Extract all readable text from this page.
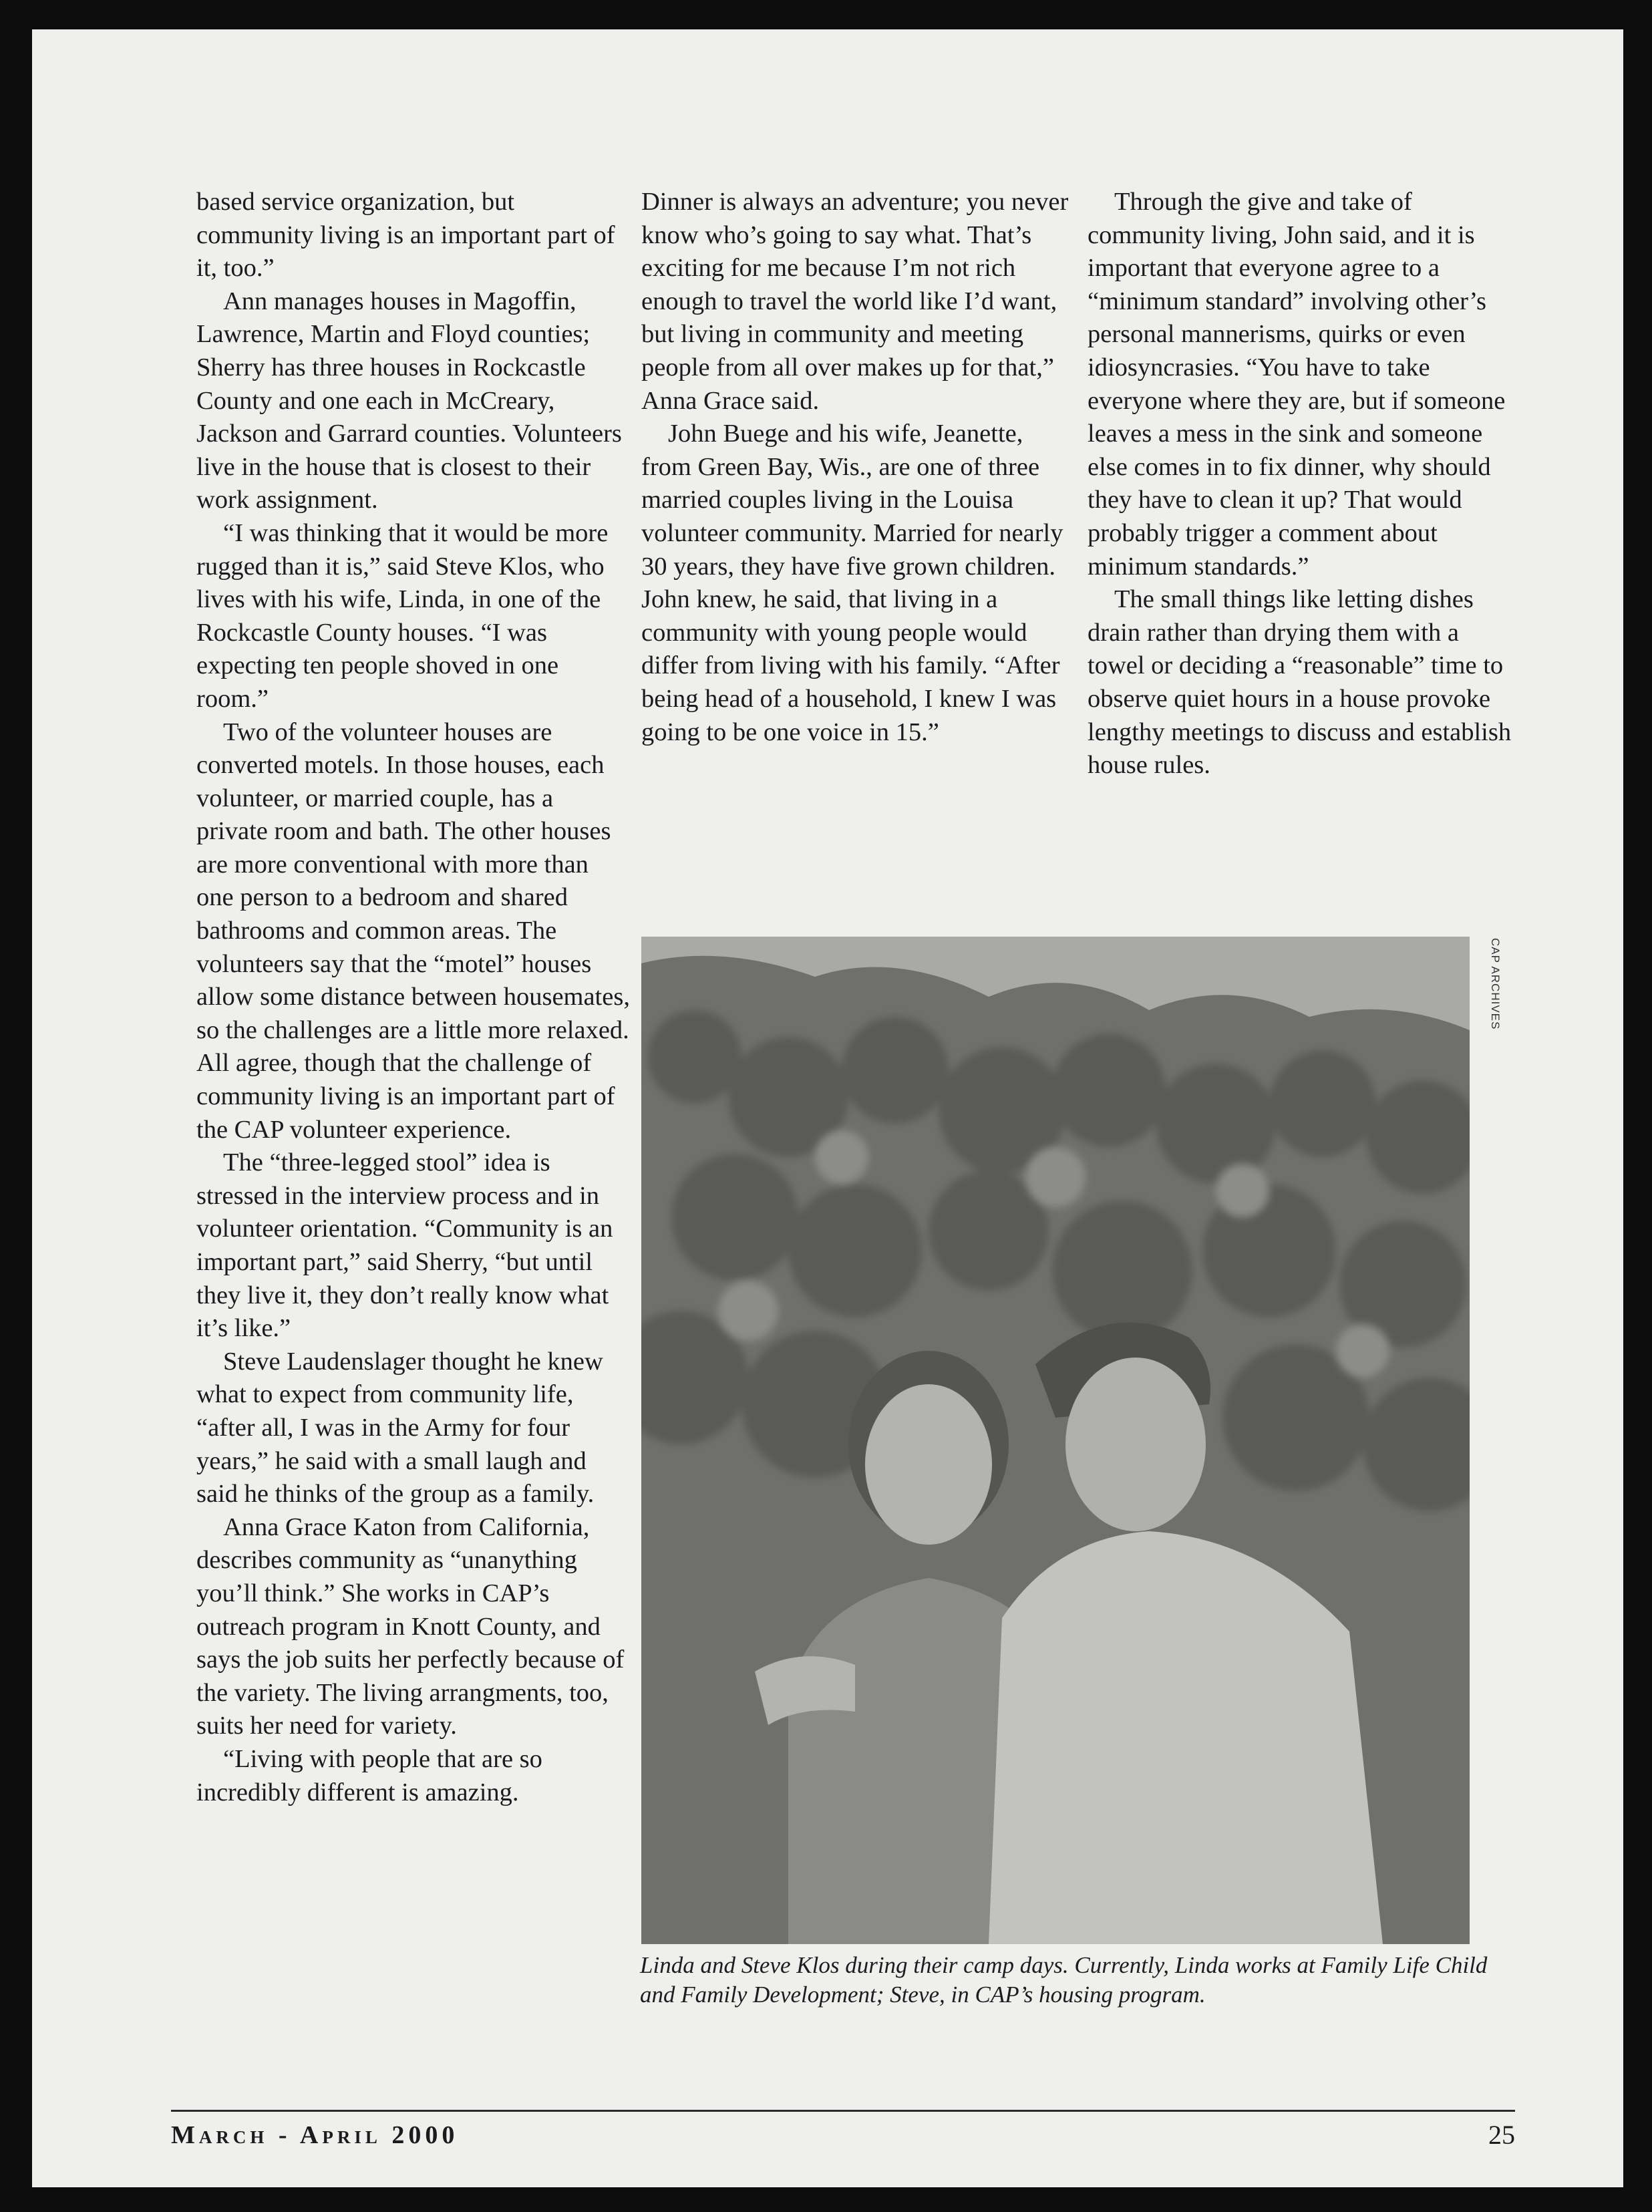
based service organization, but community living is an important part of it, too.”

Ann manages houses in Magoffin, Lawrence, Martin and Floyd counties; Sherry has three houses in Rockcastle County and one each in McCreary, Jackson and Garrard counties. Volunteers live in the house that is closest to their work assignment.

“I was thinking that it would be more rugged than it is,” said Steve Klos, who lives with his wife, Linda, in one of the Rockcastle County houses. “I was expecting ten people shoved in one room.”

Two of the volunteer houses are converted motels. In those houses, each volunteer, or married couple, has a private room and bath. The other houses are more conventional with more than one person to a bedroom and shared bathrooms and common areas. The volunteers say that the “motel” houses allow some distance between housemates, so the challenges are a little more relaxed. All agree, though that the challenge of community living is an important part of the CAP volunteer experience.

The “three-legged stool” idea is stressed in the interview process and in volunteer orientation. “Community is an important part,” said Sherry, “but until they live it, they don’t really know what it’s like.”

Steve Laudenslager thought he knew what to expect from community life, “after all, I was in the Army for four years,” he said with a small laugh and said he thinks of the group as a family.

Anna Grace Katon from California, describes community as “unanything you’ll think.” She works in CAP’s outreach program in Knott County, and says the job suits her perfectly because of the variety. The living arrangments, too, suits her need for variety.

“Living with people that are so incredibly different is amazing.

Dinner is always an adventure; you never know who’s going to say what. That’s exciting for me because I’m not rich enough to travel the world like I’d want, but living in community and meeting people from all over makes up for that,” Anna Grace said.

John Buege and his wife, Jeanette, from Green Bay, Wis., are one of three married couples living in the Louisa volunteer community. Married for nearly 30 years, they have five grown children. John knew, he said, that living in a community with young people would differ from living with his family. “After being head of a household, I knew I was going to be one voice in 15.”

Through the give and take of community living, John said, and it is important that everyone agree to a “minimum standard” involving other’s personal mannerisms, quirks or even idiosyncrasies. “You have to take everyone where they are, but if someone leaves a mess in the sink and someone else comes in to fix dinner, why should they have to clean it up? That would probably trigger a comment about minimum standards.”

The small things like letting dishes drain rather than drying them with a towel or deciding a “reasonable” time to observe quiet hours in a house provoke lengthy meetings to discuss and establish house rules.

CAP ARCHIVES
Linda and Steve Klos during their camp days. Currently, Linda works at Family Life Child and Family Development; Steve, in CAP’s housing program.
March - April 2000	25
